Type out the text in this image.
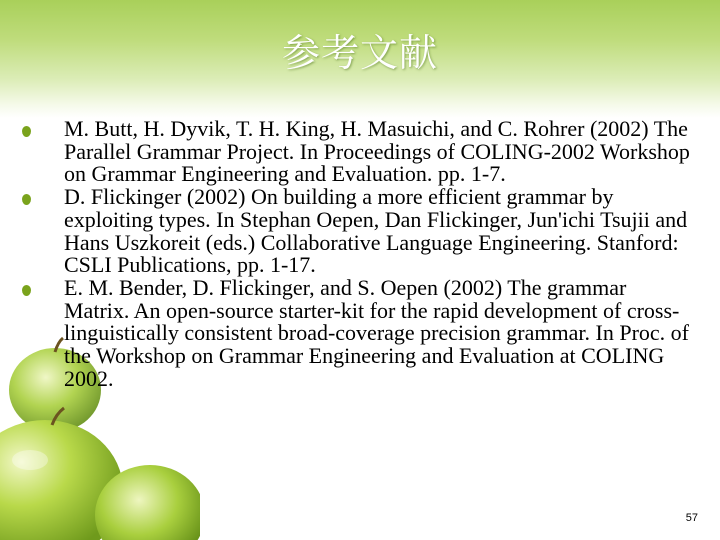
参考文献
M. Butt, H. Dyvik, T. H. King, H. Masuichi, and C. Rohrer (2002) The Parallel Grammar Project. In Proceedings of COLING-2002 Workshop on Grammar Engineering and Evaluation. pp. 1-7.
D. Flickinger (2002) On building a more efficient grammar by exploiting types. In Stephan Oepen, Dan Flickinger, Jun'ichi Tsujii and Hans Uszkoreit (eds.) Collaborative Language Engineering. Stanford: CSLI Publications, pp. 1-17.
E. M. Bender, D. Flickinger, and S. Oepen (2002) The grammar Matrix. An open-source starter-kit for the rapid development of cross-linguistically consistent broad-coverage precision grammar. In Proc. of the Workshop on Grammar Engineering and Evaluation at COLING 2002.
57
